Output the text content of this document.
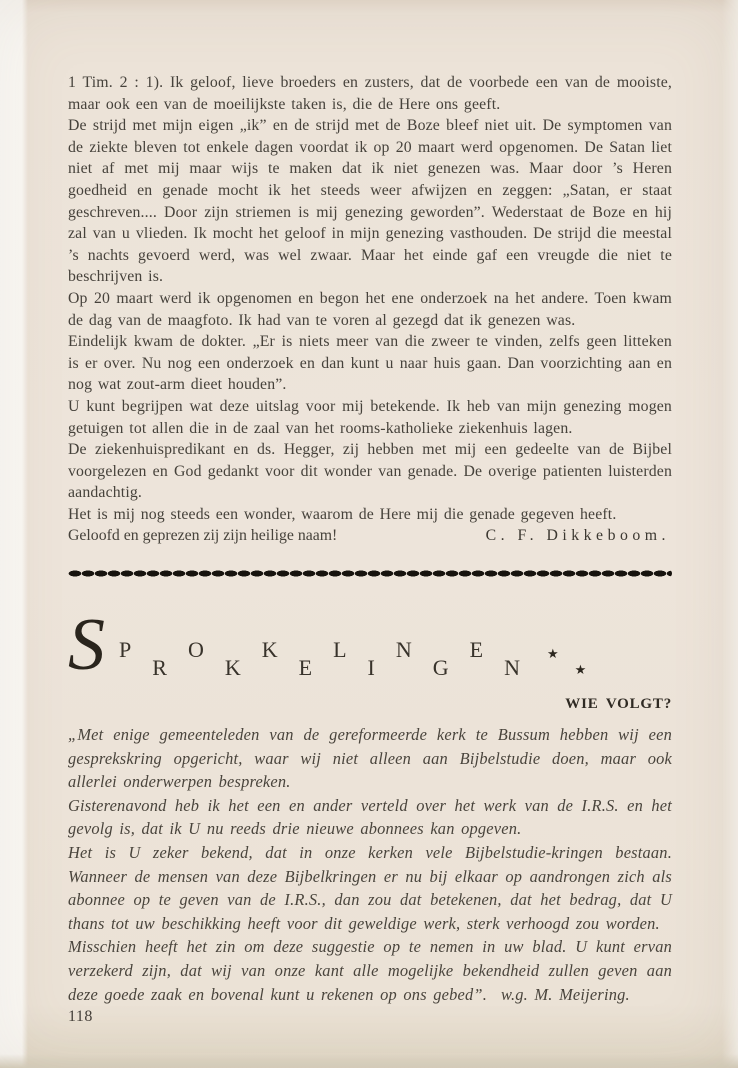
1 Tim. 2 : 1). Ik geloof, lieve broeders en zusters, dat de voorbede een van de mooiste, maar ook een van de moeilijkste taken is, die de Here ons geeft.

De strijd met mijn eigen „ik” en de strijd met de Boze bleef niet uit. De symptomen van de ziekte bleven tot enkele dagen voordat ik op 20 maart werd opgenomen. De Satan liet niet af met mij maar wijs te maken dat ik niet genezen was. Maar door ’s Heren goedheid en genade mocht ik het steeds weer afwijzen en zeggen: „Satan, er staat geschreven.... Door zijn striemen is mij genezing geworden”. Wederstaat de Boze en hij zal van u vlieden. Ik mocht het geloof in mijn genezing vasthouden. De strijd die meestal ’s nachts gevoerd werd, was wel zwaar. Maar het einde gaf een vreugde die niet te beschrijven is.

Op 20 maart werd ik opgenomen en begon het ene onderzoek na het andere. Toen kwam de dag van de maagfoto. Ik had van te voren al gezegd dat ik genezen was.

Eindelijk kwam de dokter. „Er is niets meer van die zweer te vinden, zelfs geen litteken is er over. Nu nog een onderzoek en dan kunt u naar huis gaan. Dan voorzichting aan en nog wat zout-arm dieet houden”.

U kunt begrijpen wat deze uitslag voor mij betekende. Ik heb van mijn genezing mogen getuigen tot allen die in de zaal van het rooms-katholieke ziekenhuis lagen.

De ziekenhuispredikant en ds. Hegger, zij hebben met mij een gedeelte van de Bijbel voorgelezen en God gedankt voor dit wonder van genade. De overige patienten luisterden aandachtig.

Het is mij nog steeds een wonder, waarom de Here mij die genade gegeven heeft.

Geloofd en geprezen zij zijn heilige naam!	C. F. Dikkeboom.
S PROKKELINGEN★★
WIE VOLGT?

„Met enige gemeenteleden van de gereformeerde kerk te Bussum hebben wij een gesprekskring opgericht, waar wij niet alleen aan Bijbelstudie doen, maar ook allerlei onderwerpen bespreken.

Gisterenavond heb ik het een en ander verteld over het werk van de I.R.S. en het gevolg is, dat ik U nu reeds drie nieuwe abonnees kan opgeven.

Het is U zeker bekend, dat in onze kerken vele Bijbelstudie-kringen bestaan. Wanneer de mensen van deze Bijbelkringen er nu bij elkaar op aandrongen zich als abonnee op te geven van de I.R.S., dan zou dat betekenen, dat het bedrag, dat U thans tot uw beschikking heeft voor dit geweldige werk, sterk verhoogd zou worden.

Misschien heeft het zin om deze suggestie op te nemen in uw blad. U kunt ervan verzekerd zijn, dat wij van onze kant alle mogelijke bekendheid zullen geven aan deze goede zaak en bovenal kunt u rekenen op ons gebed”. w.g. M. Meijering.

118
